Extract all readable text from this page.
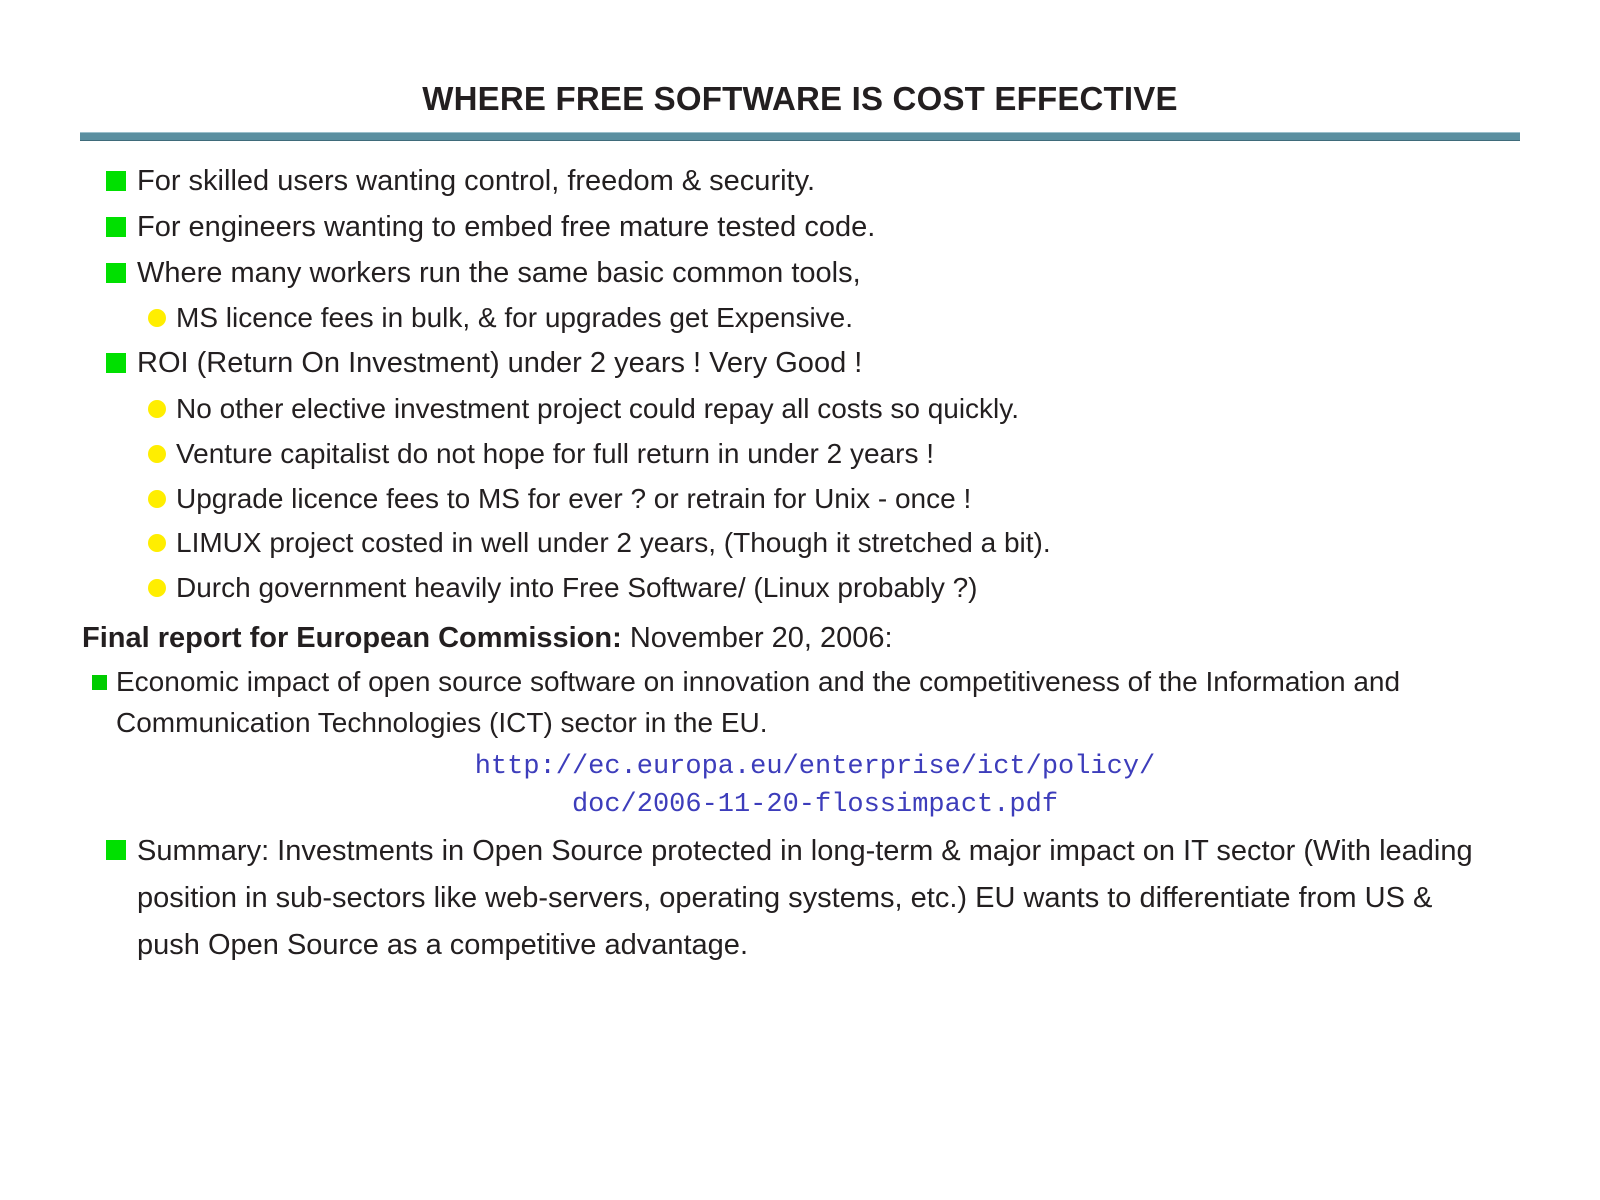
WHERE FREE SOFTWARE IS COST EFFECTIVE
For skilled users wanting control, freedom & security.
For engineers wanting to embed free mature tested code.
Where many workers run the same basic common tools,
MS licence fees in bulk, & for upgrades get Expensive.
ROI (Return On Investment) under 2 years ! Very Good !
No other elective investment project could repay all costs so quickly.
Venture capitalist do not hope for full return in under 2 years !
Upgrade licence fees to MS for ever ? or retrain for Unix - once !
LIMUX project costed in well under 2 years, (Though it stretched a bit).
Durch government heavily into Free Software/ (Linux probably ?)
Final report for European Commission: November 20, 2006:
Economic impact of open source software on innovation and the competitiveness of the Information and Communication Technologies (ICT) sector in the EU.
http://ec.europa.eu/enterprise/ict/policy/
doc/2006-11-20-flossimpact.pdf
Summary: Investments in Open Source protected in long-term & major impact on IT sector (With leading position in sub-sectors like web-servers, operating systems, etc.) EU wants to differentiate from US & push Open Source as a competitive advantage.
